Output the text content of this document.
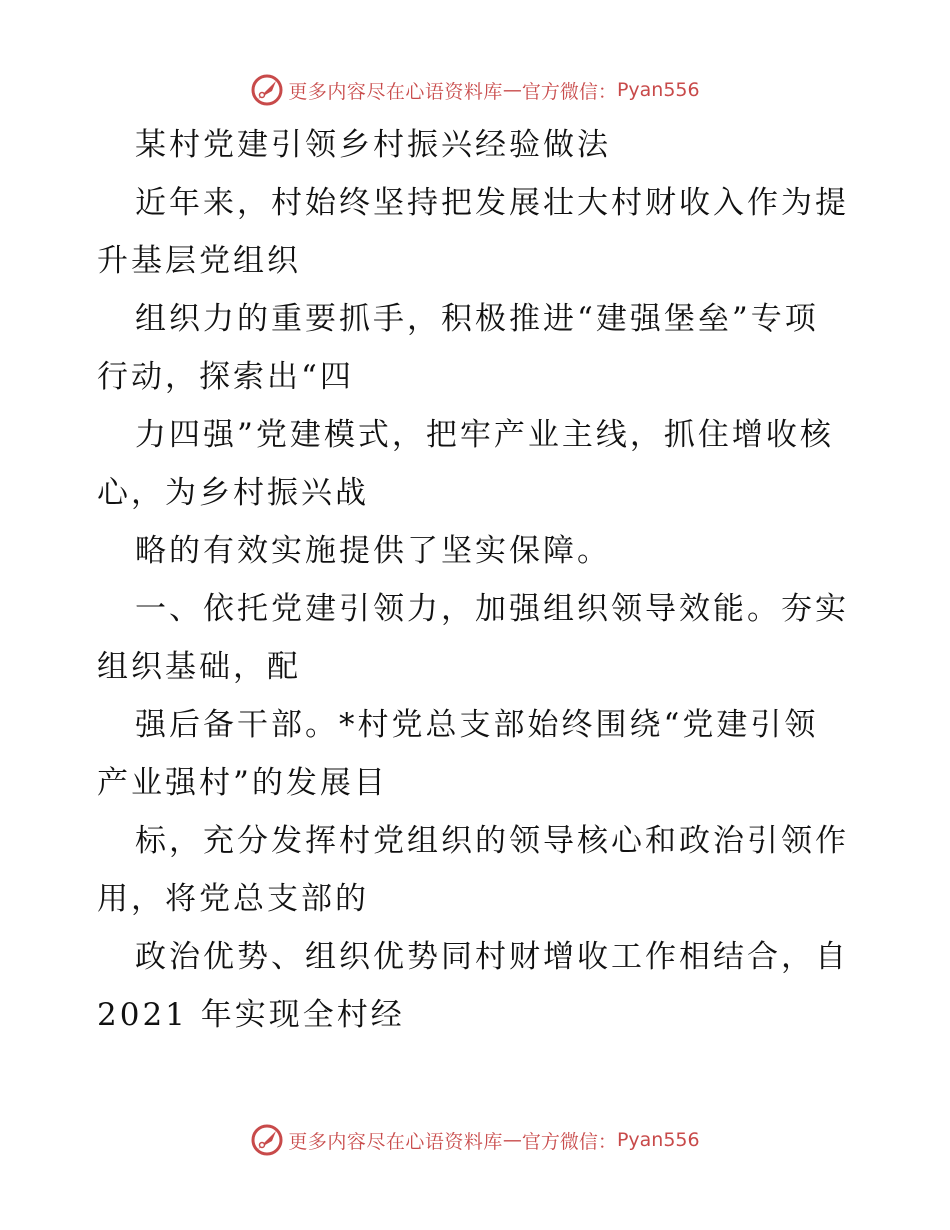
更多内容尽在心语资料库 — 官方微信： Pyan556
某村党建引领乡村振兴经验做法
近年来，村始终坚持把发展壮大村财收入作为提
升基层党组织
组织力的重要抓手，积极推进“建强堡垒”专项
行动，探索出“四
力四强”党建模式，把牢产业主线，抓住增收核
心，为乡村振兴战
略的有效实施提供了坚实保障。
一、依托党建引领力，加强组织领导效能。夯实
组织基础，配
强后备干部。*村党总支部始终围绕“党建引领
产业强村”的发展目
标，充分发挥村党组织的领导核心和政治引领作
用，将党总支部的
政治优势、组织优势同村财增收工作相结合，自
2021 年实现全村经
更多内容尽在心语资料库 — 官方微信： Pyan556
